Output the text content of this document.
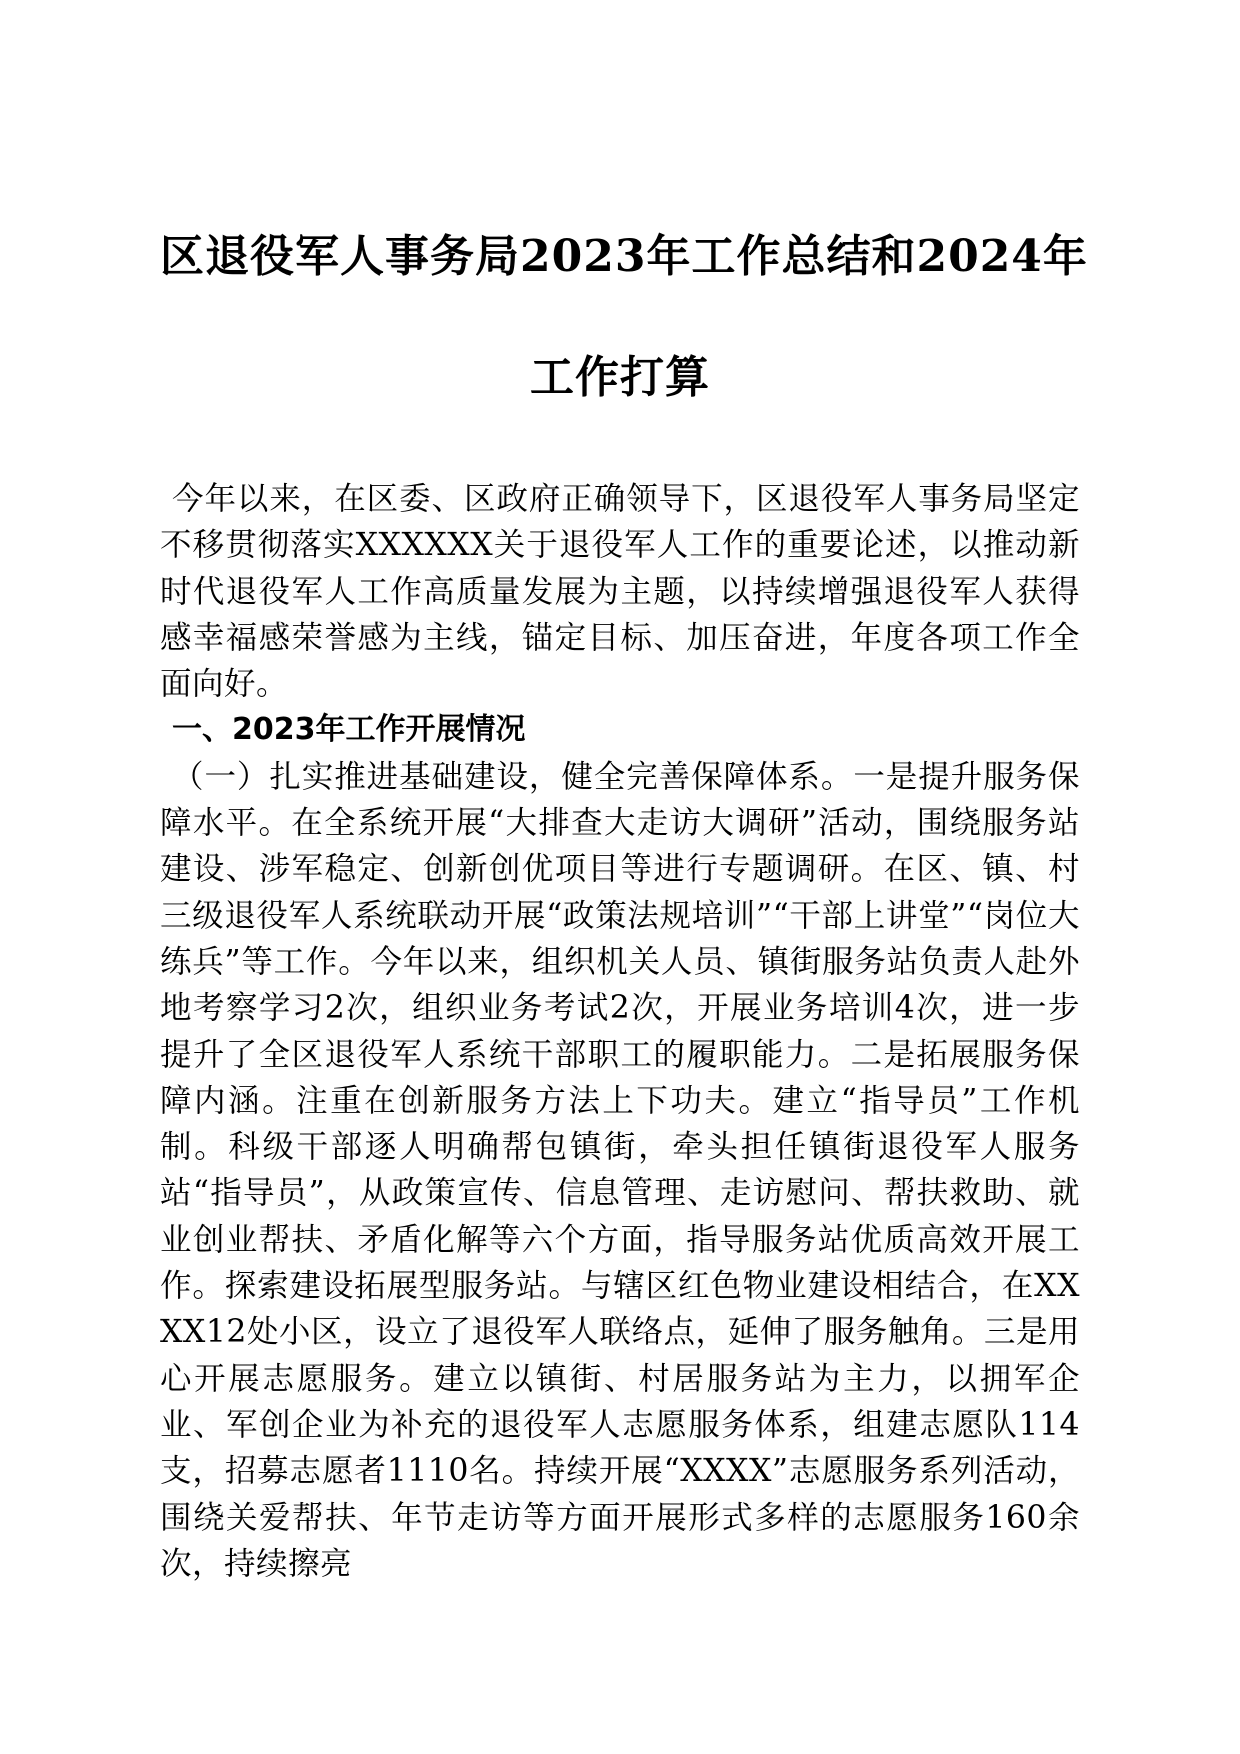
区退役军人事务局2023年工作总结和2024年
工作打算

今年以来，在区委、区政府正确领导下，区退役军人事务局坚定不移贯彻落实XXXXXX关于退役军人工作的重要论述，以推动新时代退役军人工作高质量发展为主题，以持续增强退役军人获得感幸福感荣誉感为主线，锚定目标、加压奋进，年度各项工作全面向好。

一、2023年工作开展情况

（一）扎实推进基础建设，健全完善保障体系。一是提升服务保障水平。在全系统开展“大排查大走访大调研”活动，围绕服务站建设、涉军稳定、创新创优项目等进行专题调研。在区、镇、村三级退役军人系统联动开展“政策法规培训”“干部上讲堂”“岗位大练兵”等工作。今年以来，组织机关人员、镇街服务站负责人赴外地考察学习2次，组织业务考试2次，开展业务培训4次，进一步提升了全区退役军人系统干部职工的履职能力。二是拓展服务保障内涵。注重在创新服务方法上下功夫。建立“指导员”工作机制。科级干部逐人明确帮包镇街，牵头担任镇街退役军人服务站“指导员”，从政策宣传、信息管理、走访慰问、帮扶救助、就业创业帮扶、矛盾化解等六个方面，指导服务站优质高效开展工作。探索建设拓展型服务站。与辖区红色物业建设相结合，在XXXX12处小区，设立了退役军人联络点，延伸了服务触角。三是用心开展志愿服务。建立以镇街、村居服务站为主力，以拥军企业、军创企业为补充的退役军人志愿服务体系，组建志愿队114支，招募志愿者1110名。持续开展“XXXX”志愿服务系列活动，围绕关爱帮扶、年节走访等方面开展形式多样的志愿服务160余次，持续擦亮
